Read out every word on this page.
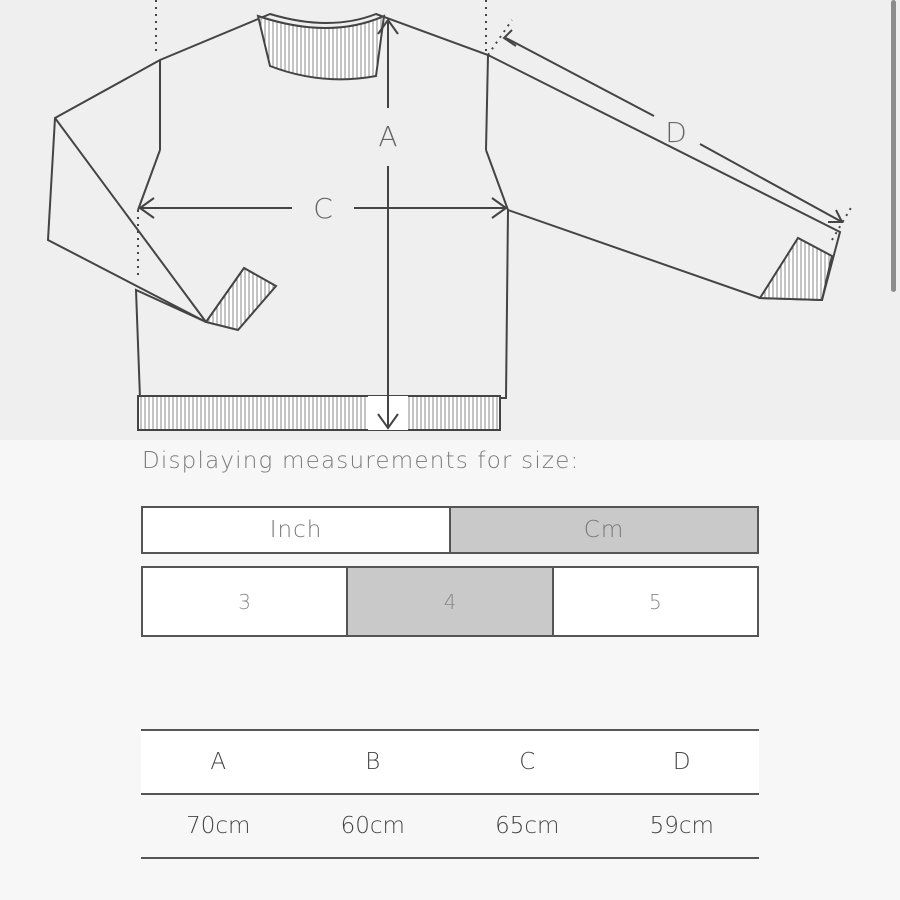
A
C
D
Displaying measurements for size:
Inch	Cm
3	4	5
A	B	C	D
70cm	60cm	65cm	59cm
